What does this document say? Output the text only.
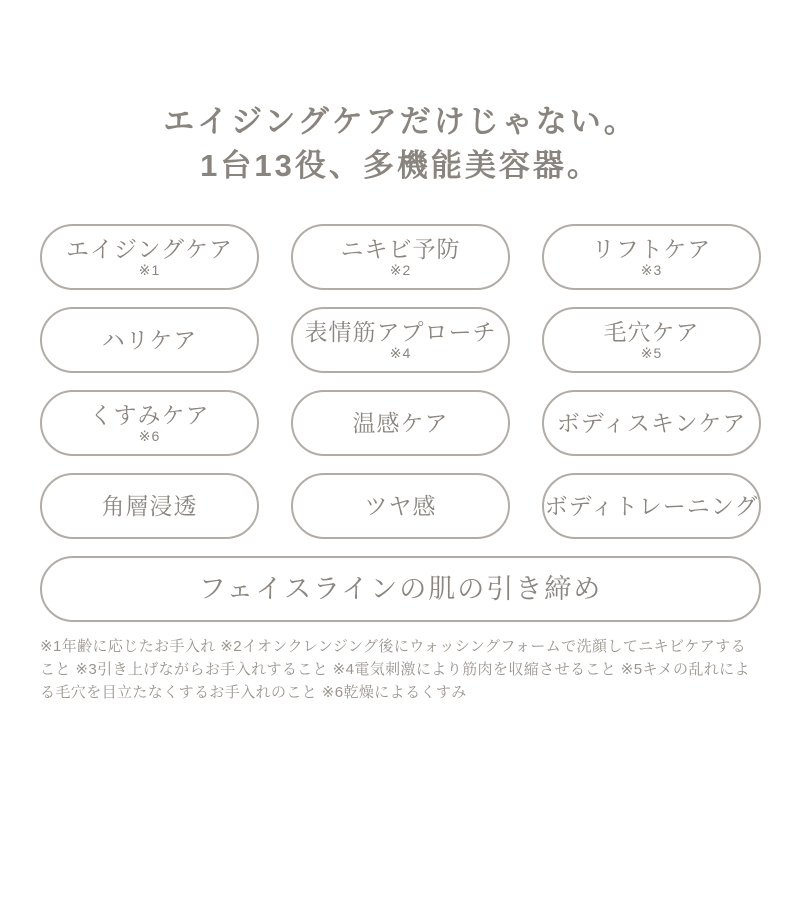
エイジングケアだけじゃない。
1台13役、多機能美容器。
エイジングケア
※1
ニキビ予防
※2
リフトケア
※3
ハリケア	表情筋アプローチ
※4
毛穴ケア
※5
くすみケア
※6	温感ケア	ボディスキンケア
角層浸透	ツヤ感	ボディトレーニング
フェイスラインの肌の引き締め

※1年齢に応じたお手入れ ※2イオンクレンジング後にウォッシングフォームで洗顔してニキビケアすること ※3引き上げながらお手入れすること ※4電気刺激により筋肉を収縮させること ※5キメの乱れによる毛穴を目立たなくするお手入れのこと ※6乾燥によるくすみ
